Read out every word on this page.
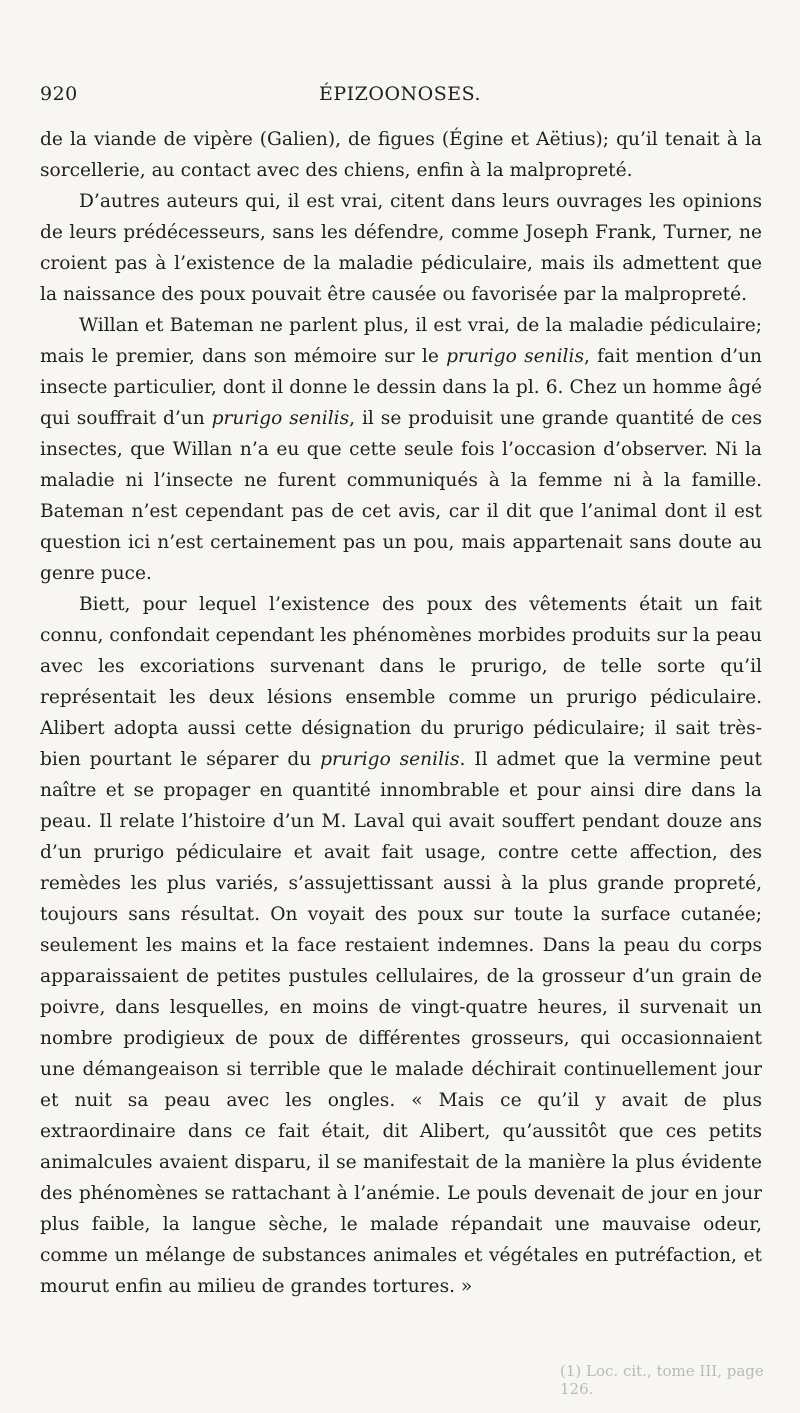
920	ÉPIZOONOSES.

de la viande de vipère (Galien), de figues (Égine et Aëtius); qu’il tenait à la sorcellerie, au contact avec des chiens, enfin à la malpropreté.

D’autres auteurs qui, il est vrai, citent dans leurs ouvrages les opinions de leurs prédécesseurs, sans les défendre, comme Joseph Frank, Turner, ne croient pas à l’existence de la maladie pédiculaire, mais ils admettent que la naissance des poux pouvait être causée ou favorisée par la malpropreté.

Willan et Bateman ne parlent plus, il est vrai, de la maladie pédiculaire; mais le premier, dans son mémoire sur le prurigo senilis, fait mention d’un insecte particulier, dont il donne le dessin dans la pl. 6. Chez un homme âgé qui souffrait d’un prurigo senilis, il se produisit une grande quantité de ces insectes, que Willan n’a eu que cette seule fois l’occasion d’observer. Ni la maladie ni l’insecte ne furent communiqués à la femme ni à la famille. Bateman n’est cependant pas de cet avis, car il dit que l’animal dont il est question ici n’est certainement pas un pou, mais appartenait sans doute au genre puce.

Biett, pour lequel l’existence des poux des vêtements était un fait connu, confondait cependant les phénomènes morbides produits sur la peau avec les excoriations survenant dans le prurigo, de telle sorte qu’il représentait les deux lésions ensemble comme un prurigo pédiculaire. Alibert adopta aussi cette désignation du prurigo pédiculaire; il sait très-bien pourtant le séparer du prurigo senilis. Il admet que la vermine peut naître et se propager en quantité innombrable et pour ainsi dire dans la peau. Il relate l’histoire d’un M. Laval qui avait souffert pendant douze ans d’un prurigo pédiculaire et avait fait usage, contre cette affection, des remèdes les plus variés, s’assujettissant aussi à la plus grande propreté, toujours sans résultat. On voyait des poux sur toute la surface cutanée; seulement les mains et la face restaient indemnes. Dans la peau du corps apparaissaient de petites pustules cellulaires, de la grosseur d’un grain de poivre, dans lesquelles, en moins de vingt-quatre heures, il survenait un nombre prodigieux de poux de différentes grosseurs, qui occasionnaient une démangeaison si terrible que le malade déchirait continuellement jour et nuit sa peau avec les ongles. « Mais ce qu’il y avait de plus extraordinaire dans ce fait était, dit Alibert, qu’aussitôt que ces petits animalcules avaient disparu, il se manifestait de la manière la plus évidente des phénomènes se rattachant à l’anémie. Le pouls devenait de jour en jour plus faible, la langue sèche, le malade répandait une mauvaise odeur, comme un mélange de substances animales et végétales en putréfaction, et mourut enfin au milieu de grandes tortures. »

(1) Loc. cit., tome III, page 126.
